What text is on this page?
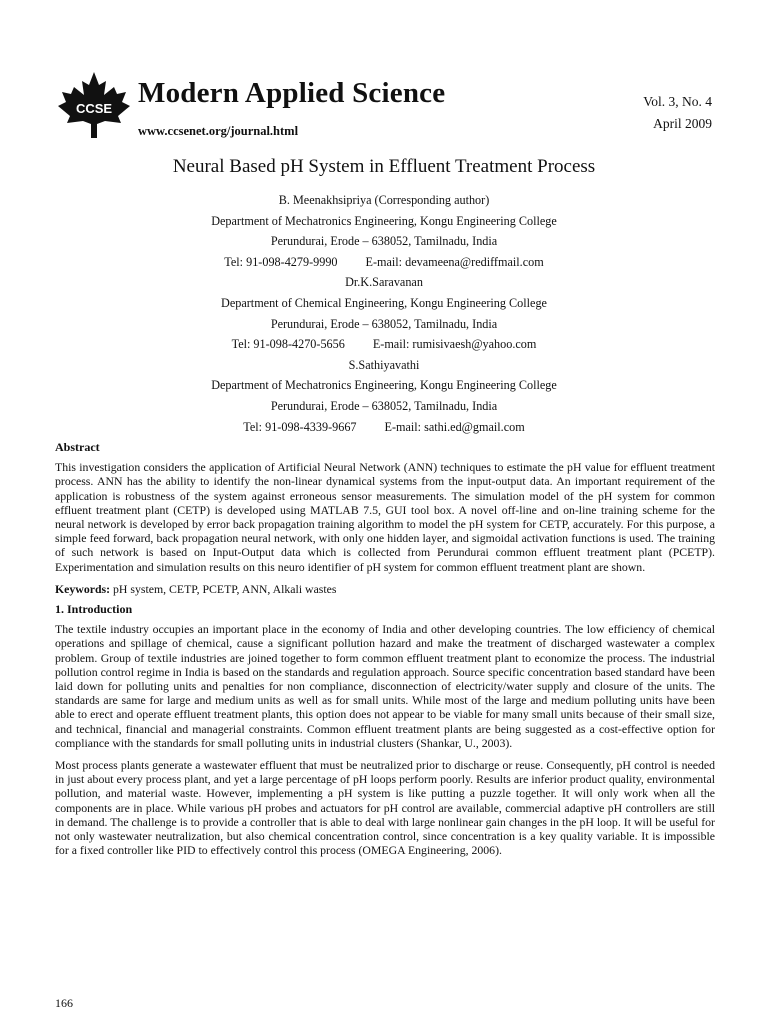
CCSE Modern Applied Science
www.ccsenet.org/journal.html
Vol. 3, No. 4
April 2009
Neural Based pH System in Effluent Treatment Process
B. Meenakhsipriya (Corresponding author)
Department of Mechatronics Engineering, Kongu Engineering College
Perundurai, Erode – 638052, Tamilnadu, India
Tel: 91-098-4279-9990 E-mail: devameena@rediffmail.com
Dr.K.Saravanan
Department of Chemical Engineering, Kongu Engineering College
Perundurai, Erode – 638052, Tamilnadu, India
Tel: 91-098-4270-5656 E-mail: rumisivaesh@yahoo.com
S.Sathiyavathi
Department of Mechatronics Engineering, Kongu Engineering College
Perundurai, Erode – 638052, Tamilnadu, India
Tel: 91-098-4339-9667 E-mail: sathi.ed@gmail.com
Abstract

This investigation considers the application of Artificial Neural Network (ANN) techniques to estimate the pH value for effluent treatment process. ANN has the ability to identify the non-linear dynamical systems from the input-output data. An important requirement of the application is robustness of the system against erroneous sensor measurements. The simulation model of the pH system for common effluent treatment plant (CETP) is developed using MATLAB 7.5, GUI tool box. A novel off-line and on-line training scheme for the neural network is developed by error back propagation training algorithm to model the pH system for CETP, accurately. For this purpose, a simple feed forward, back propagation neural network, with only one hidden layer, and sigmoidal activation functions is used. The training of such network is based on Input-Output data which is collected from Perundurai common effluent treatment plant (PCETP). Experimentation and simulation results on this neuro identifier of pH system for common effluent treatment plant are shown.

Keywords: pH system, CETP, PCETP, ANN, Alkali wastes

1. Introduction

The textile industry occupies an important place in the economy of India and other developing countries. The low efficiency of chemical operations and spillage of chemical, cause a significant pollution hazard and make the treatment of discharged wastewater a complex problem. Group of textile industries are joined together to form common effluent treatment plant to economize the process. The industrial pollution control regime in India is based on the standards and regulation approach. Source specific concentration based standard have been laid down for polluting units and penalties for non compliance, disconnection of electricity/water supply and closure of the units. The standards are same for large and medium units as well as for small units. While most of the large and medium polluting units have been able to erect and operate effluent treatment plants, this option does not appear to be viable for many small units because of their small size, and technical, financial and managerial constraints. Common effluent treatment plants are being suggested as a cost-effective option for compliance with the standards for small polluting units in industrial clusters (Shankar, U., 2003).

Most process plants generate a wastewater effluent that must be neutralized prior to discharge or reuse. Consequently, pH control is needed in just about every process plant, and yet a large percentage of pH loops perform poorly. Results are inferior product quality, environmental pollution, and material waste. However, implementing a pH system is like putting a puzzle together. It will only work when all the components are in place. While various pH probes and actuators for pH control are available, commercial adaptive pH controllers are still in demand. The challenge is to provide a controller that is able to deal with large nonlinear gain changes in the pH loop. It will be useful for not only wastewater neutralization, but also chemical concentration control, since concentration is a key quality variable. It is impossible for a fixed controller like PID to effectively control this process (OMEGA Engineering, 2006).

166
